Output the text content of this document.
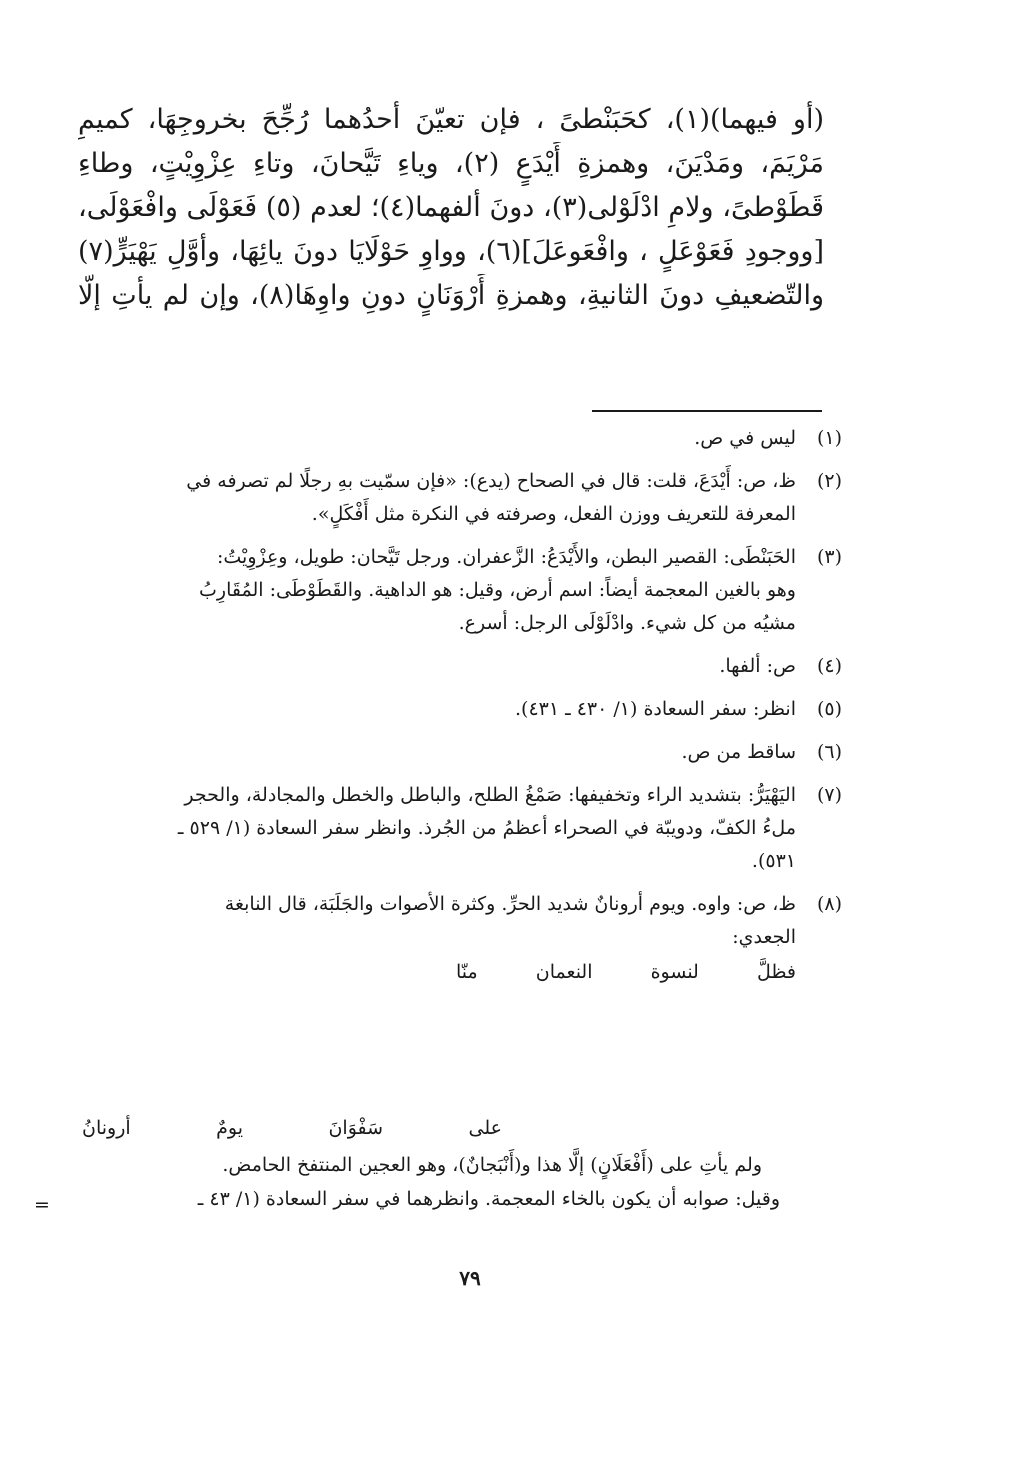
(أو فيهما)(١)، كحَبَنْطىً ، فإن تعيّنَ أحدُهما رُجِّحَ بخروجِهَا، كميمِ
مَرْيَمَ، ومَدْيَنَ، وهمزةِ أَيْدَعٍ (٢)، وياءِ تَيَّحانَ، وتاءِ عِزْوِيْتٍ، وطاءِ
قَطَوْطىً، ولامِ ادْلَوْلى(٣)، دونَ ألفهما(٤)؛ لعدم (٥) فَعَوْلَى وافْعَوْلَى،
[ووجودِ فَعَوْعَلٍ ، وافْعَوعَلَ](٦)، وواوِ حَوْلَايَا دونَ يائِهَا، وأوَّلِ يَهْيَرٍّ(٧)
والتّضعيفِ دونَ الثانيةِ، وهمزةِ أَرْوَنَانٍ دونِ واوِهَا(٨)، وإن لم يأتِ إلَّا
(١)
ليس في ص.
(٢)
ظ، ص: أَيْدَعَ، قلت: قال في الصحاح (يدع): «فإن سمّيت بهِ رجلًا لم تصرفه في
المعرفة للتعريف ووزن الفعل، وصرفته في النكرة مثل أَفْكَلٍ».
(٣)
الحَبَنْطَى: القصير البطن، والأَيْدَعُ: الزَّعفران. ورجل تَيَّحان: طويل، وعِزْوِيْتُ:
وهو بالغين المعجمة أيضاً: اسم أرض، وقيل: هو الداهية. والقَطَوْطَى: المُقَارِبُ
مشيُه من كل شيء. وادْلَوْلَى الرجل: أسرع.
(٤)
ص: ألفها.
(٥)
انظر: سفر السعادة (١/ ٤٣٠ ـ ٤٣١).
(٦)
ساقط من ص.
(٧)
اليَهْيَرُّ: بتشديد الراء وتخفيفها: صَمْغُ الطلح، والباطل والخطل والمجادلة، والحجر
ملءُ الكفّ، ودويبّة في الصحراء أعظمُ من الجُرذ. وانظر سفر السعادة (١/ ٥٢٩ ـ
٥٣١).
(٨)
ظ، ص: واوه. ويوم أرونانٌ شديد الحرِّ. وكثرة الأصوات والجَلَبَة، قال النابغة
الجعدي:
فظلَّ لنسوة النعمان منّا
على سَفْوَانَ يومٌ أرونانُ
ولم يأتِ على (أَفْعَلَانٍ) إلَّا هذا و(أَنْبَجانٌ)، وهو العجين المنتفخ الحامض.
وقيل: صوابه أن يكون بالخاء المعجمة. وانظرهما في سفر السعادة (١/ ٤٣ ـ
=
٧٩
